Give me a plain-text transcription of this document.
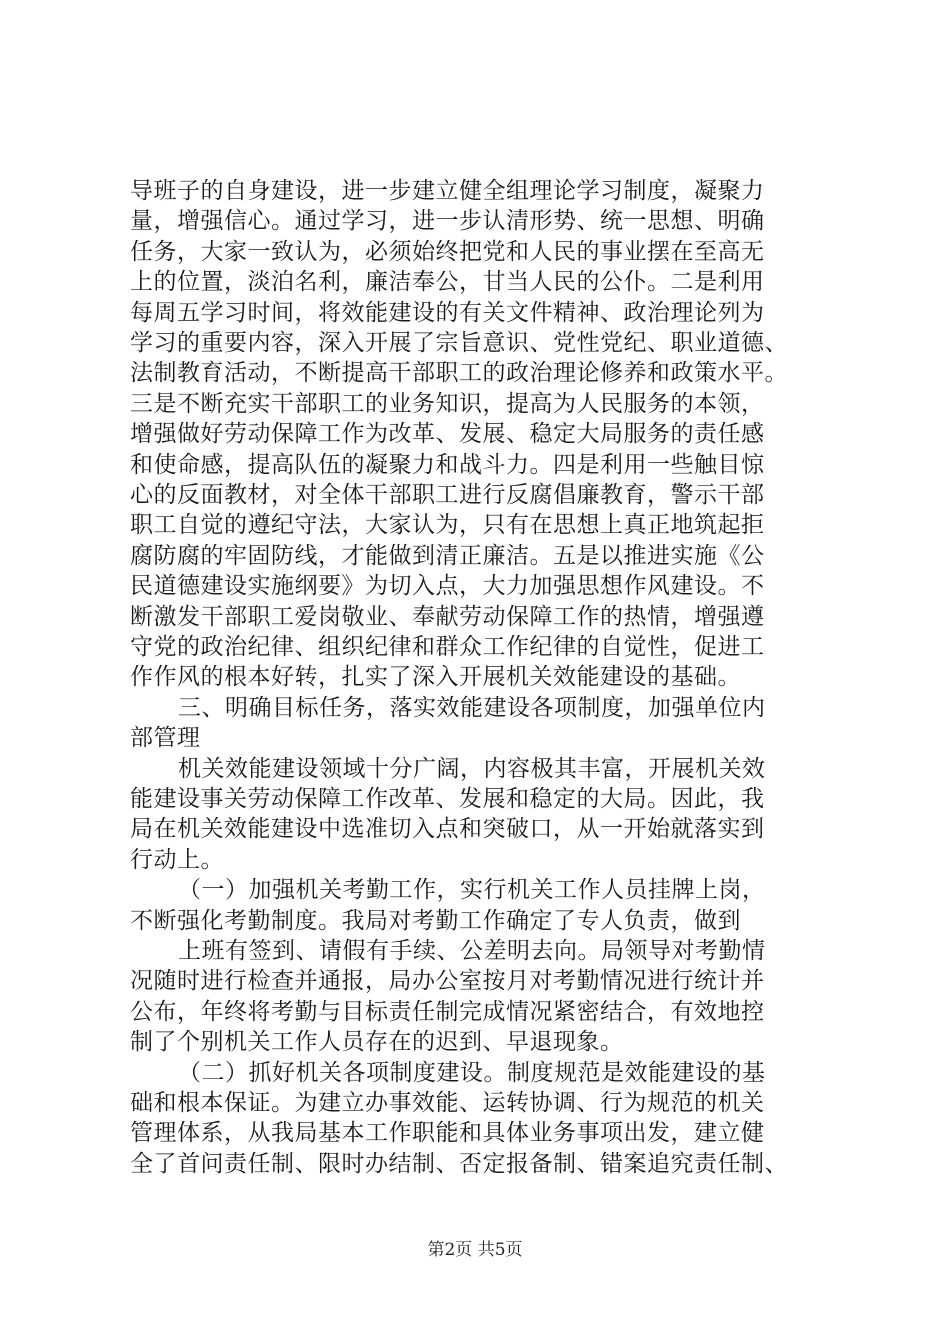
导班子的自身建设，进一步建立健全组理论学习制度，凝聚力
量，增强信心。通过学习，进一步认清形势、统一思想、明确
任务，大家一致认为，必须始终把党和人民的事业摆在至高无
上的位置，淡泊名利，廉洁奉公，甘当人民的公仆。二是利用
每周五学习时间，将效能建设的有关文件精神、政治理论列为
学习的重要内容，深入开展了宗旨意识、党性党纪、职业道德、
法制教育活动，不断提高干部职工的政治理论修养和政策水平。
三是不断充实干部职工的业务知识，提高为人民服务的本领，
增强做好劳动保障工作为改革、发展、稳定大局服务的责任感
和使命感，提高队伍的凝聚力和战斗力。四是利用一些触目惊
心的反面教材，对全体干部职工进行反腐倡廉教育，警示干部
职工自觉的遵纪守法，大家认为，只有在思想上真正地筑起拒
腐防腐的牢固防线，才能做到清正廉洁。五是以推进实施《公
民道德建设实施纲要》为切入点，大力加强思想作风建设。不
断激发干部职工爱岗敬业、奉献劳动保障工作的热情，增强遵
守党的政治纪律、组织纪律和群众工作纪律的自觉性，促进工
作作风的根本好转，扎实了深入开展机关效能建设的基础。
三、明确目标任务，落实效能建设各项制度，加强单位内
部管理
机关效能建设领域十分广阔，内容极其丰富，开展机关效
能建设事关劳动保障工作改革、发展和稳定的大局。因此，我
局在机关效能建设中选准切入点和突破口，从一开始就落实到
行动上。
（一）加强机关考勤工作，实行机关工作人员挂牌上岗，
不断强化考勤制度。我局对考勤工作确定了专人负责，做到
上班有签到、请假有手续、公差明去向。局领导对考勤情
况随时进行检查并通报，局办公室按月对考勤情况进行统计并
公布，年终将考勤与目标责任制完成情况紧密结合，有效地控
制了个别机关工作人员存在的迟到、早退现象。
（二）抓好机关各项制度建设。制度规范是效能建设的基
础和根本保证。为建立办事效能、运转协调、行为规范的机关
管理体系，从我局基本工作职能和具体业务事项出发，建立健
全了首问责任制、限时办结制、否定报备制、错案追究责任制、
第2页 共5页
